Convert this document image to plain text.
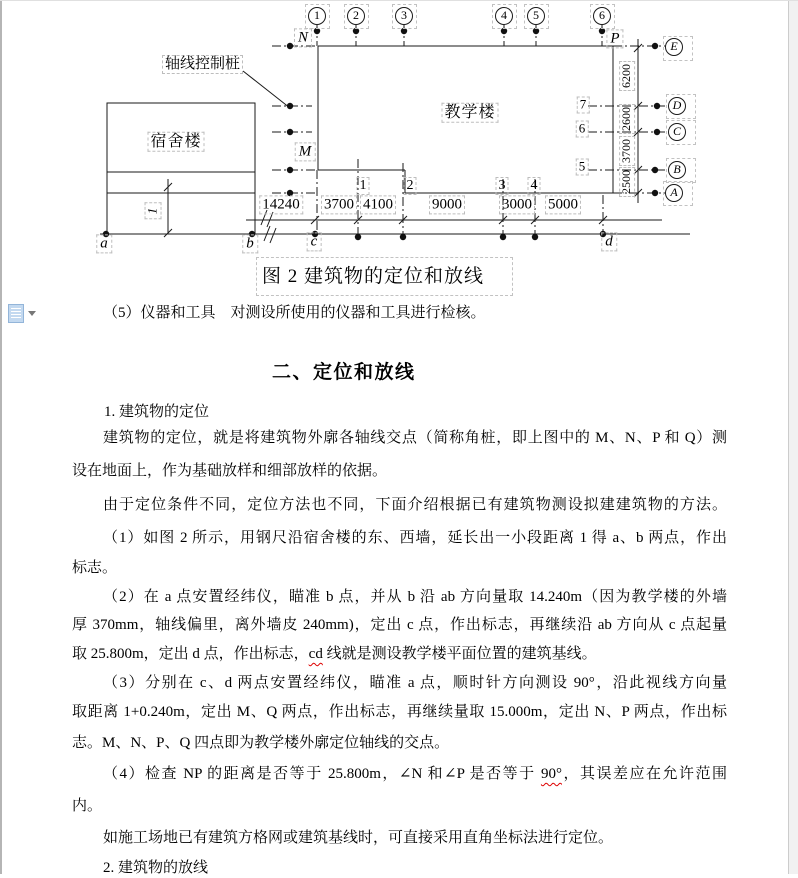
1	2	3	4	5	6
E
D
C
B
A
轴线控制桩
教学楼
宿舍楼
N
M
P
a	b	c	d
14240 3700 4100	9000	3000 5000
1	2	3 4
7
6
5
6200
2600
3700
2500
1
图 2 建筑物的定位和放线
（5）仪器和工具　对测设所使用的仪器和工具进行检核。
二、定位和放线
1. 建筑物的定位
建筑物的定位，就是将建筑物外廓各轴线交点（简称角桩，即上图中的 M、N、P 和 Q）测
设在地面上，作为基础放样和细部放样的依据。
由于定位条件不同，定位方法也不同，下面介绍根据已有建筑物测设拟建建筑物的方法。
（1）如图 2 所示，用钢尺沿宿舍楼的东、西墙，延长出一小段距离 1 得 a、b 两点，作出
标志。
（2）在 a 点安置经纬仪，瞄准 b 点，并从 b 沿 ab 方向量取 14.240m（因为教学楼的外墙
厚 370mm，轴线偏里，离外墙皮 240mm)，定出 c 点，作出标志，再继续沿 ab 方向从 c 点起量
取 25.800m，定出 d 点，作出标志，cd 线就是测设教学楼平面位置的建筑基线。
（3）分别在 c、d 两点安置经纬仪，瞄准 a 点，顺时针方向测设 90°，沿此视线方向量
取距离 1+0.240m，定出 M、Q 两点，作出标志，再继续量取 15.000m，定出 N、P 两点，作出标
志。M、N、P、Q 四点即为教学楼外廓定位轴线的交点。
（4）检查 NP 的距离是否等于 25.800m，∠N 和∠P 是否等于 90°，其误差应在允许范围
内。
如施工场地已有建筑方格网或建筑基线时，可直接采用直角坐标法进行定位。
2. 建筑物的放线
